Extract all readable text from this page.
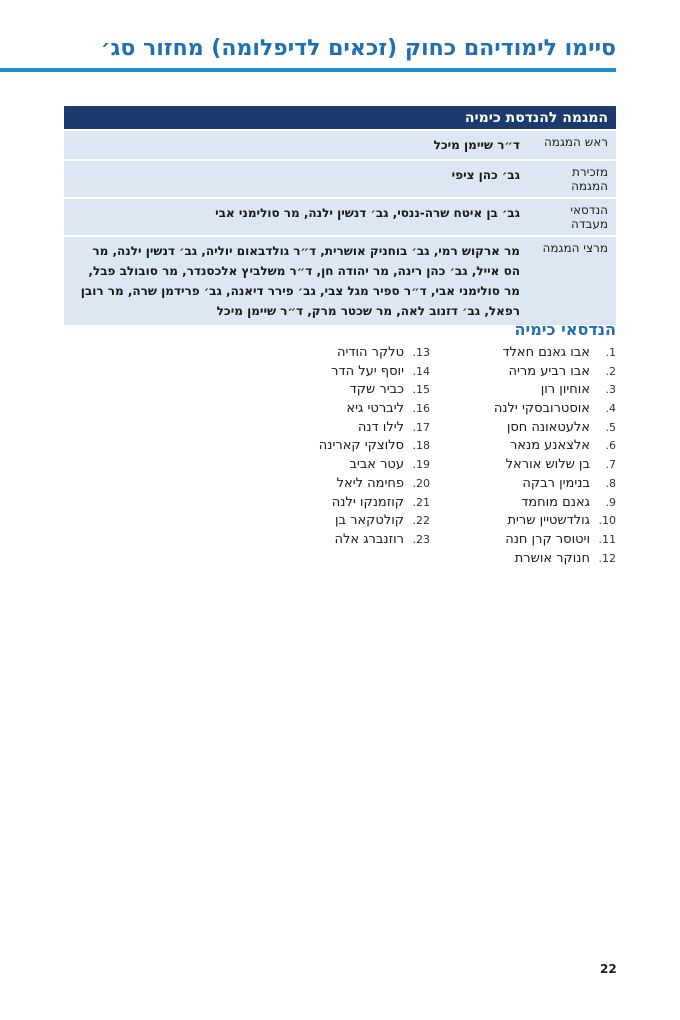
סיימו לימודיהם כחוק (זכאים לדיפלומה) מחזור סג׳
המגמה להנדסת כימיה	
ראש המגמה	ד״ר שיימן מיכל
מזכירת המגמה	גב׳ כהן ציפי
הנדסאי מעבדה	גב׳ בן איטח שרה-ננסי, גב׳ דנשין ילנה, מר סולימני אבי
מרצי המגמה	מר ארקוש רמי, גב׳ בוחניק אושרית, ד״ר גולדבאום יוליה, גב׳ דנשין ילנה, מר הס אייל, גב׳ כהן רינה, מר יהודה חן, ד״ר משלביץ אלכסנדר, מר סובולב פבל, מר סולימני אבי, ד״ר ספיר מגל צבי, גב׳ פירר דיאנה, גב׳ פרידמן שרה, מר רובן רפאל, גב׳ דזנוב לאה, מר שכטר מרק, ד״ר שיימן מיכל
הנדסאי כימיה
1.אבו גאנם חאלד
2.אבו רביע מריה
3.אוחיון רון
4.אוסטרובסקי ילנה
5.אלעטאונה חסן
6.אלצאנע מנאר
7.בן שלוש אוראל
8.בנימין רבקה
9.גאנם מוחמד
10.גולדשטיין שרית
11.ויטוסר קרן חנה
12.חנוקר אושרת
13.טלקר הודיה
14.יוסף יעל הדר
15.כביר שקד
16.ליברטי גיא
17.לילו דנה
18.סלוצקי קארינה
19.עטר אביב
20.פחימה ליאל
21.קוזמנקו ילנה
22.קולטקאר בן
23.רוזנברג אלה
22
